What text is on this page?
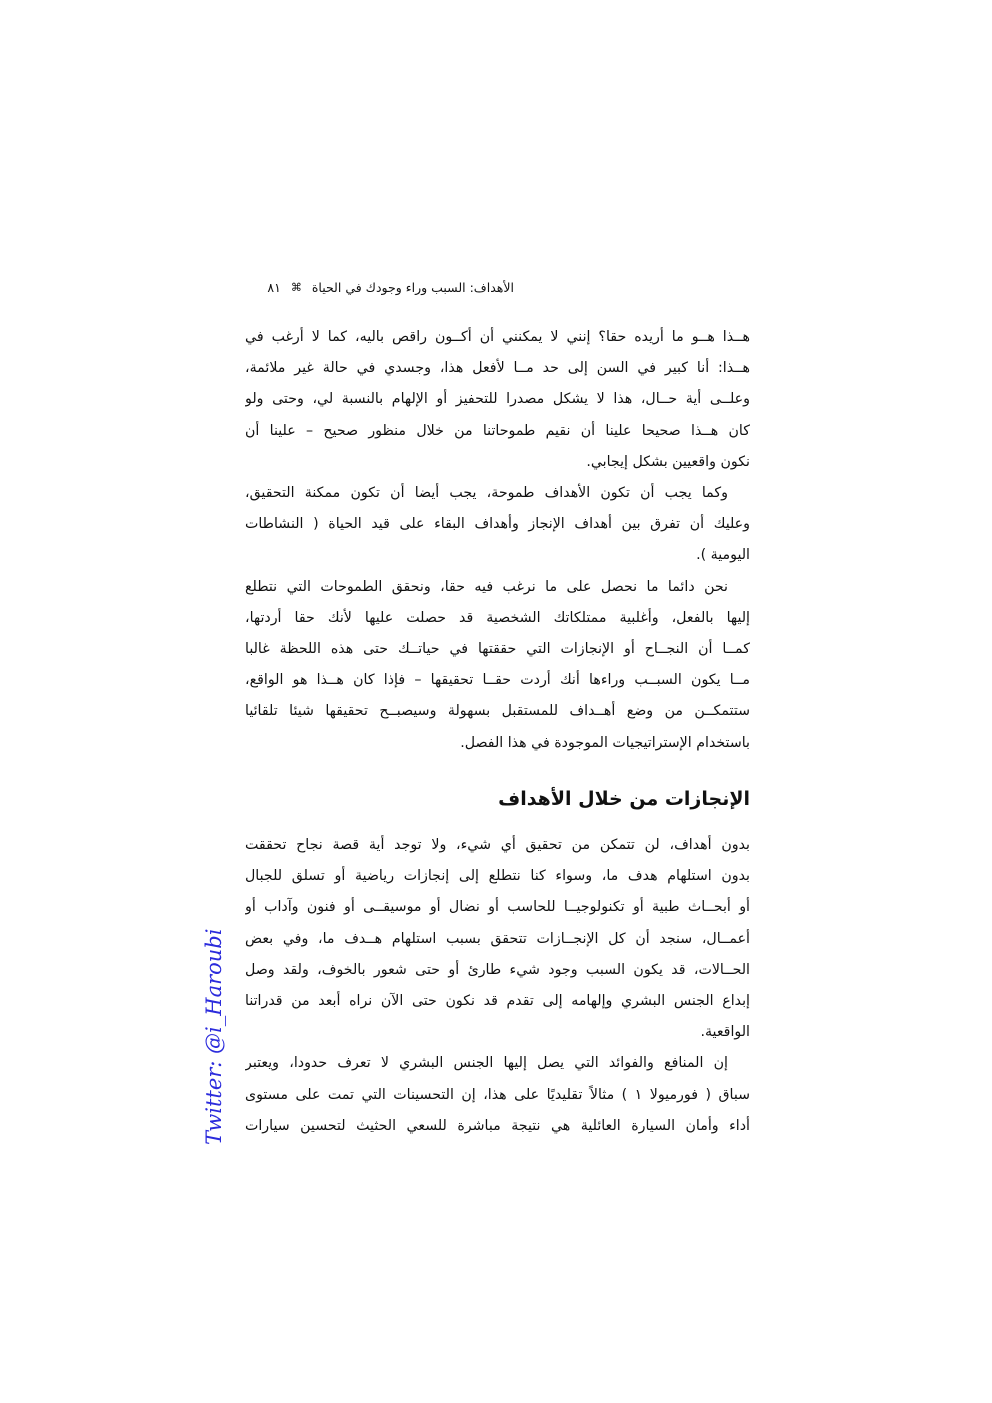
الأهداف: السبب وراء وجودك في الحياة
⌘
٨١

هــذا هــو ما أريده حقا؟ إنني لا يمكنني أن أكــون راقص باليه، كما لا أرغب في
هــذا: أنا كبير في السن إلى حد مــا لأفعل هذا، وجسدي في حالة غير ملائمة،
وعلــى أية حــال، هذا لا يشكل مصدرا للتحفيز أو الإلهام بالنسبة لي، وحتى ولو
كان هــذا صحيحا علينا أن نقيم طموحاتنا من خلال منظور صحيح – علينا أن
نكون واقعيين بشكل إيجابي.

وكما يجب أن تكون الأهداف طموحة، يجب أيضا أن تكون ممكنة التحقيق،
وعليك أن تفرق بين أهداف الإنجاز وأهداف البقاء على قيد الحياة ( النشاطات
اليومية ).

نحن دائما ما نحصل على ما نرغب فيه حقا، ونحقق الطموحات التي نتطلع
إليها بالفعل، وأغلبية ممتلكاتك الشخصية قد حصلت عليها لأنك حقا أردتها،
كمــا أن النجــاح أو الإنجازات التي حققتها في حياتــك حتى هذه اللحظة غالبا
مــا يكون السبــب وراءها أنك أردت حقــا تحقيقها – فإذا كان هــذا هو الواقع،
ستتمكــن من وضع أهــداف للمستقبل بسهولة وسيصبــح تحقيقها شيئا تلقائيا
باستخدام الإستراتيجيات الموجودة في هذا الفصل.

الإنجازات من خلال الأهداف

بدون أهداف، لن تتمكن من تحقيق أي شيء، ولا توجد أية قصة نجاح تحققت
بدون استلهام هدف ما، وسواء كنا نتطلع إلى إنجازات رياضية أو تسلق للجبال
أو أبحــاث طبية أو تكنولوجيــا للحاسب أو نضال أو موسيقــى أو فنون وآداب أو
أعمــال، سنجد أن كل الإنجــازات تتحقق بسبب استلهام هــدف ما، وفي بعض
الحــالات، قد يكون السبب وجود شيء طارئ أو حتى شعور بالخوف، ولقد وصل
إبداع الجنس البشري وإلهامه إلى تقدم قد نكون حتى الآن نراه أبعد من قدراتنا
الواقعية.

إن المنافع والفوائد التي يصل إليها الجنس البشري لا تعرف حدودا، ويعتبر
سباق ( فورميولا ١ ) مثالاً تقليديًا على هذا، إن التحسينات التي تمت على مستوى
أداء وأمان السيارة العائلية هي نتيجة مباشرة للسعي الحثيث لتحسين سيارات

Twitter: @i_Haroubi
